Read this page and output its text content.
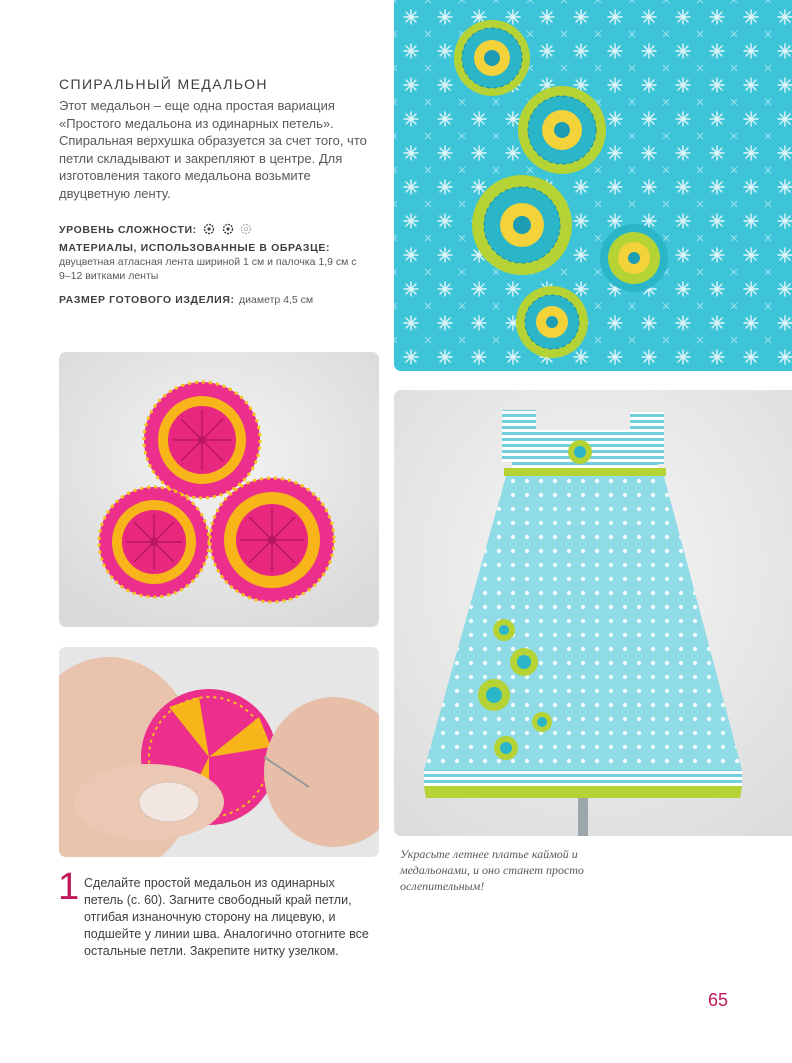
СПИРАЛЬНЫЙ МЕДАЛЬОН

Этот медальон – еще одна простая вариация «Простого медальона из одинарных петель». Спиральная верхушка образуется за счет того, что петли складывают и закрепляют в центре. Для изготовления такого медальона возьмите двуцветную ленту.

УРОВЕНЬ СЛОЖНОСТИ:
МАТЕРИАЛЫ, ИСПОЛЬЗОВАННЫЕ В ОБРАЗЦЕ:
двуцветная атласная лента шириной 1 см и палочка 1,9 см с 9–12 витками ленты
РАЗМЕР ГОТОВОГО ИЗДЕЛИЯ: диаметр 4,5 см
Украсьте летнее платье каймой и медальонами, и оно станет просто ослепительным!
1 Сделайте простой медальон из одинарных петель (с. 60). Загните свободный край петли, отгибая изнаночную сторону на лицевую, и подшейте у линии шва. Аналогично отогните все остальные петли. Закрепите нитку узелком.
65
